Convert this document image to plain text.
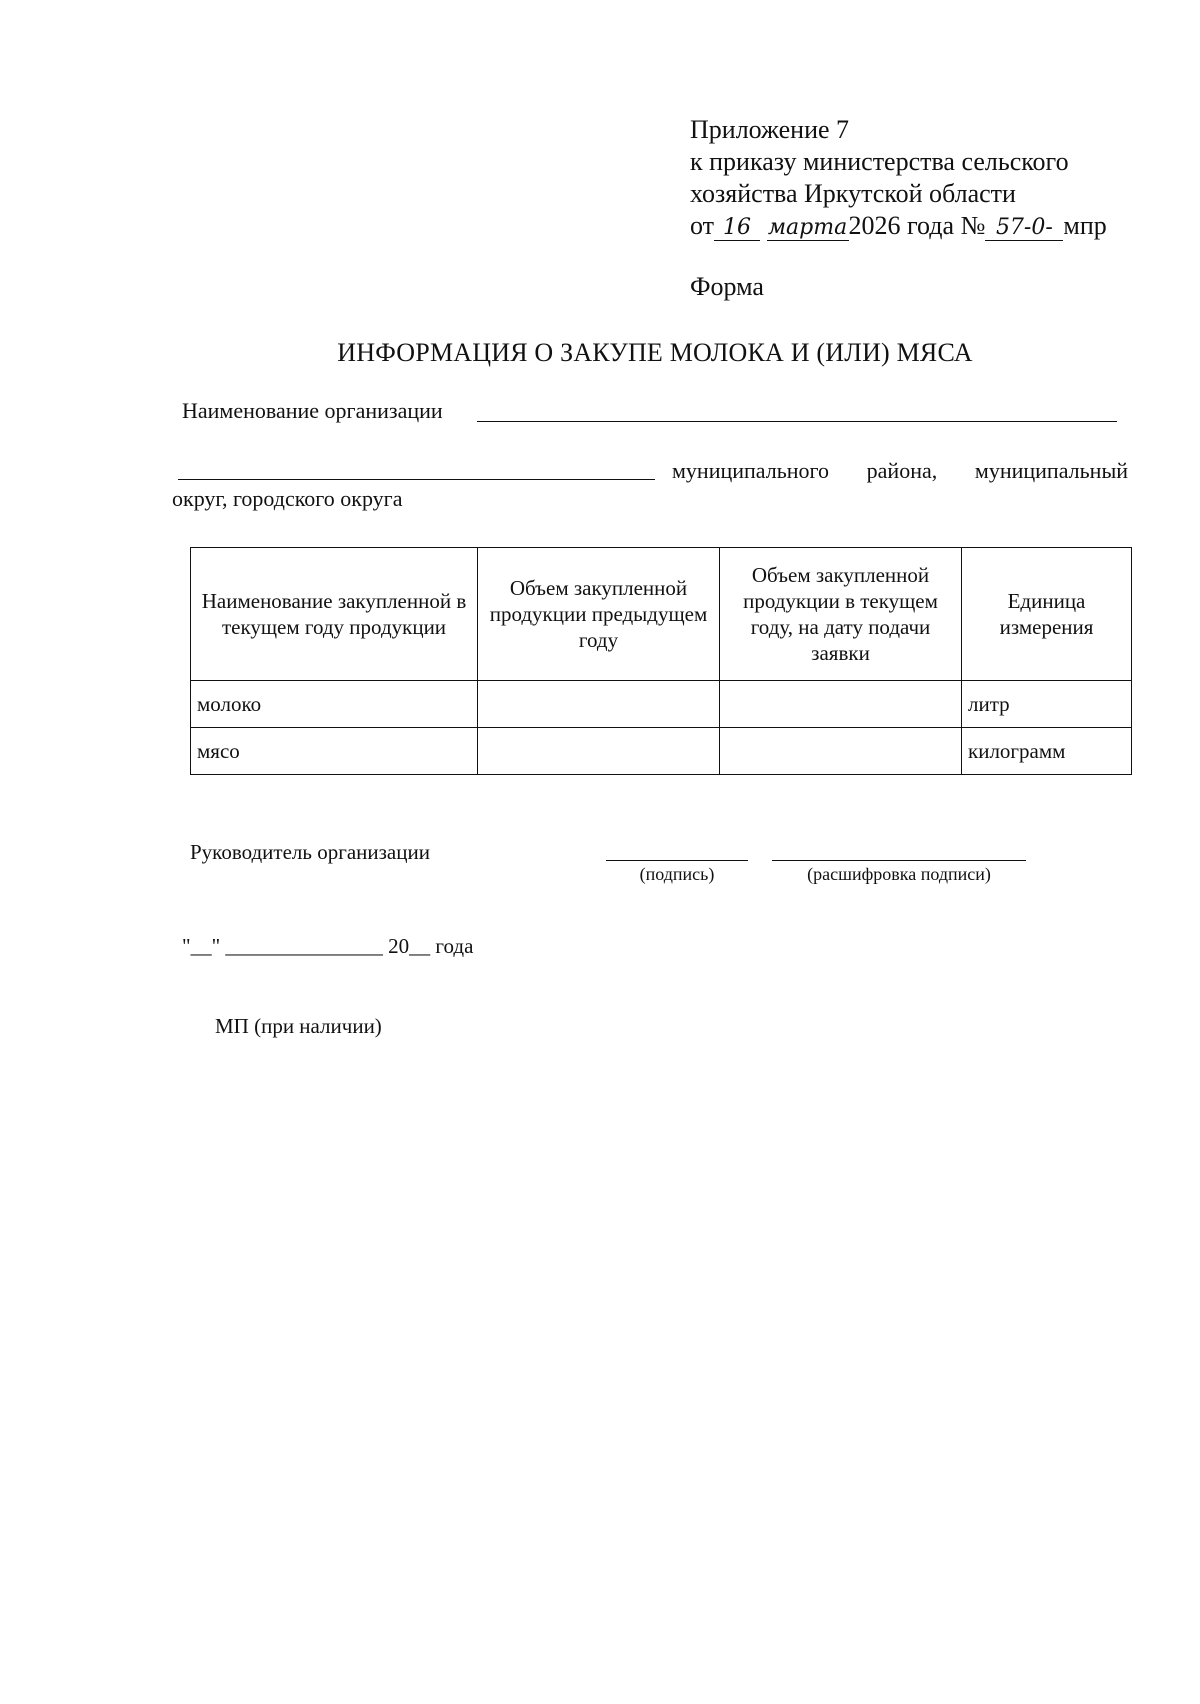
Приложение 7
к приказу министерства сельского
хозяйства Иркутской области
от 16 марта2026 года № 57-0- мпр
Форма
ИНФОРМАЦИЯ О ЗАКУПЕ МОЛОКА И (ИЛИ) МЯСА
Наименование организации
муниципального района, муниципальный
округ, городского округа
Наименование закупленной в текущем году продукции	Объем закупленной продукции предыдущем году	Объем закупленной продукции в текущем году, на дату подачи заявки	Единица измерения
молоко			литр
мясо			килограмм
Руководитель организации
(подпись)	(расшифровка подписи)
"__" _______________ 20__ года
МП (при наличии)
